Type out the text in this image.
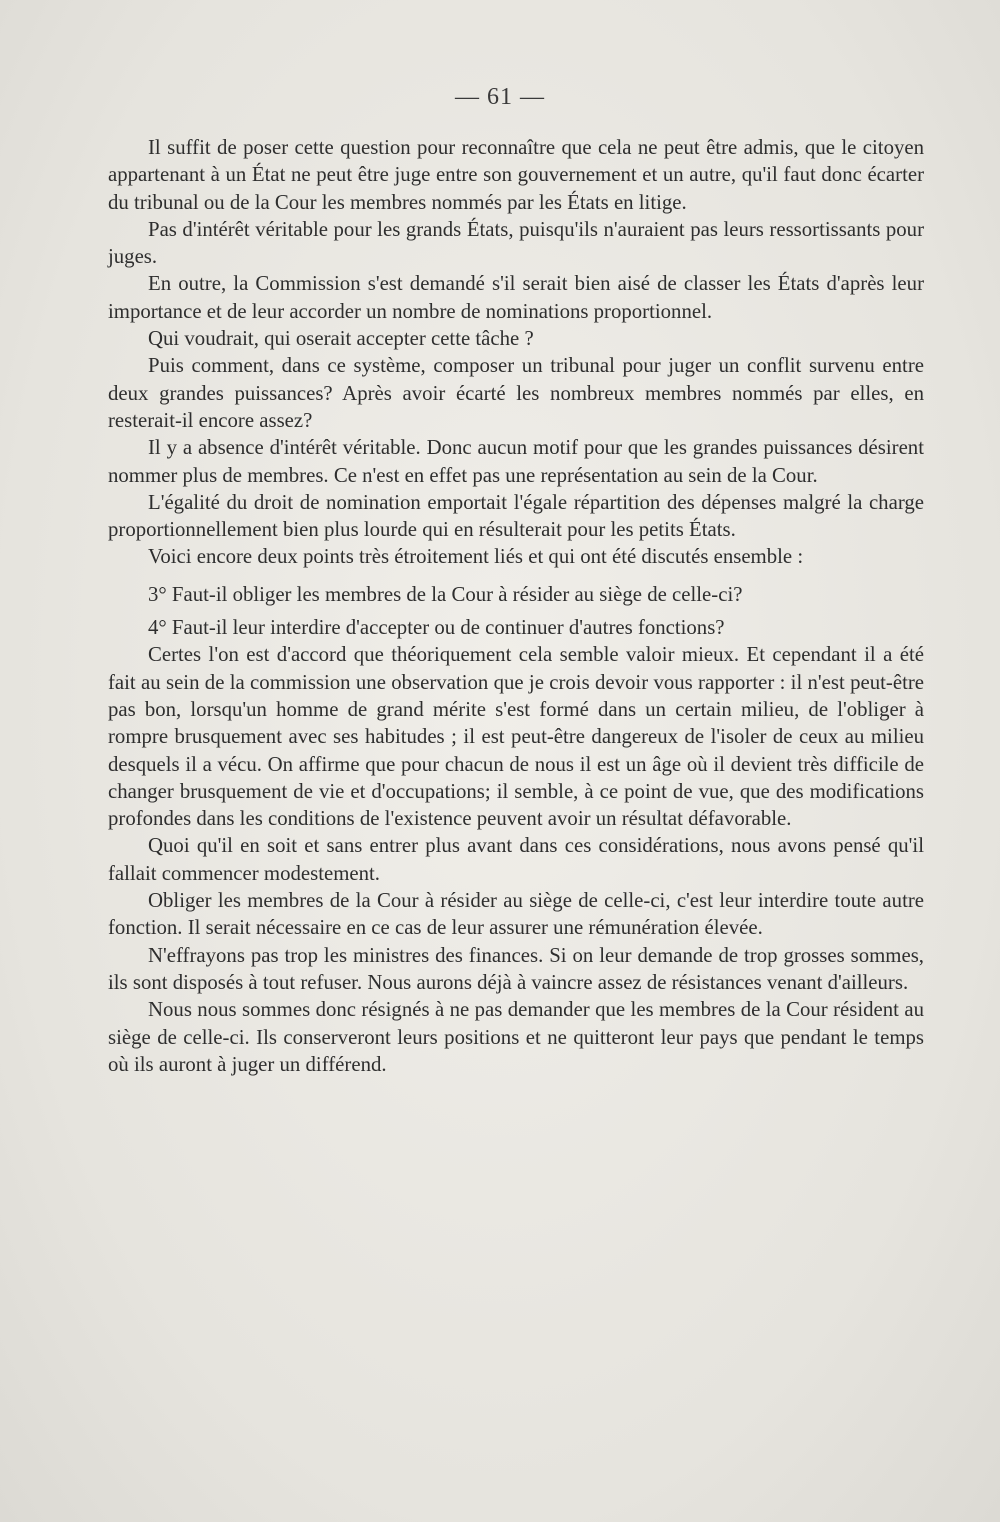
— 61 —

Il suffit de poser cette question pour reconnaître que cela ne peut être admis, que le citoyen appartenant à un État ne peut être juge entre son gouvernement et un autre, qu'il faut donc écarter du tribunal ou de la Cour les membres nommés par les États en litige.

Pas d'intérêt véritable pour les grands États, puisqu'ils n'auraient pas leurs ressortissants pour juges.

En outre, la Commission s'est demandé s'il serait bien aisé de classer les États d'après leur importance et de leur accorder un nombre de nominations proportionnel.

Qui voudrait, qui oserait accepter cette tâche ?

Puis comment, dans ce système, composer un tribunal pour juger un conflit survenu entre deux grandes puissances? Après avoir écarté les nombreux membres nommés par elles, en resterait-il encore assez?

Il y a absence d'intérêt véritable. Donc aucun motif pour que les grandes puissances désirent nommer plus de membres. Ce n'est en effet pas une représentation au sein de la Cour.

L'égalité du droit de nomination emportait l'égale répartition des dépenses malgré la charge proportionnellement bien plus lourde qui en résulterait pour les petits États.

Voici encore deux points très étroitement liés et qui ont été discutés ensemble :

3° Faut-il obliger les membres de la Cour à résider au siège de celle-ci?

4° Faut-il leur interdire d'accepter ou de continuer d'autres fonctions?

Certes l'on est d'accord que théoriquement cela semble valoir mieux. Et cependant il a été fait au sein de la commission une observation que je crois devoir vous rapporter : il n'est peut-être pas bon, lorsqu'un homme de grand mérite s'est formé dans un certain milieu, de l'obliger à rompre brusquement avec ses habitudes ; il est peut-être dangereux de l'isoler de ceux au milieu desquels il a vécu. On affirme que pour chacun de nous il est un âge où il devient très difficile de changer brusquement de vie et d'occupations; il semble, à ce point de vue, que des modifications profondes dans les conditions de l'existence peuvent avoir un résultat défavorable.

Quoi qu'il en soit et sans entrer plus avant dans ces considérations, nous avons pensé qu'il fallait commencer modestement.

Obliger les membres de la Cour à résider au siège de celle-ci, c'est leur interdire toute autre fonction. Il serait nécessaire en ce cas de leur assurer une rémunération élevée.

N'effrayons pas trop les ministres des finances. Si on leur demande de trop grosses sommes, ils sont disposés à tout refuser. Nous aurons déjà à vaincre assez de résistances venant d'ailleurs.

Nous nous sommes donc résignés à ne pas demander que les membres de la Cour résident au siège de celle-ci. Ils conserveront leurs positions et ne quitteront leur pays que pendant le temps où ils auront à juger un différend.
